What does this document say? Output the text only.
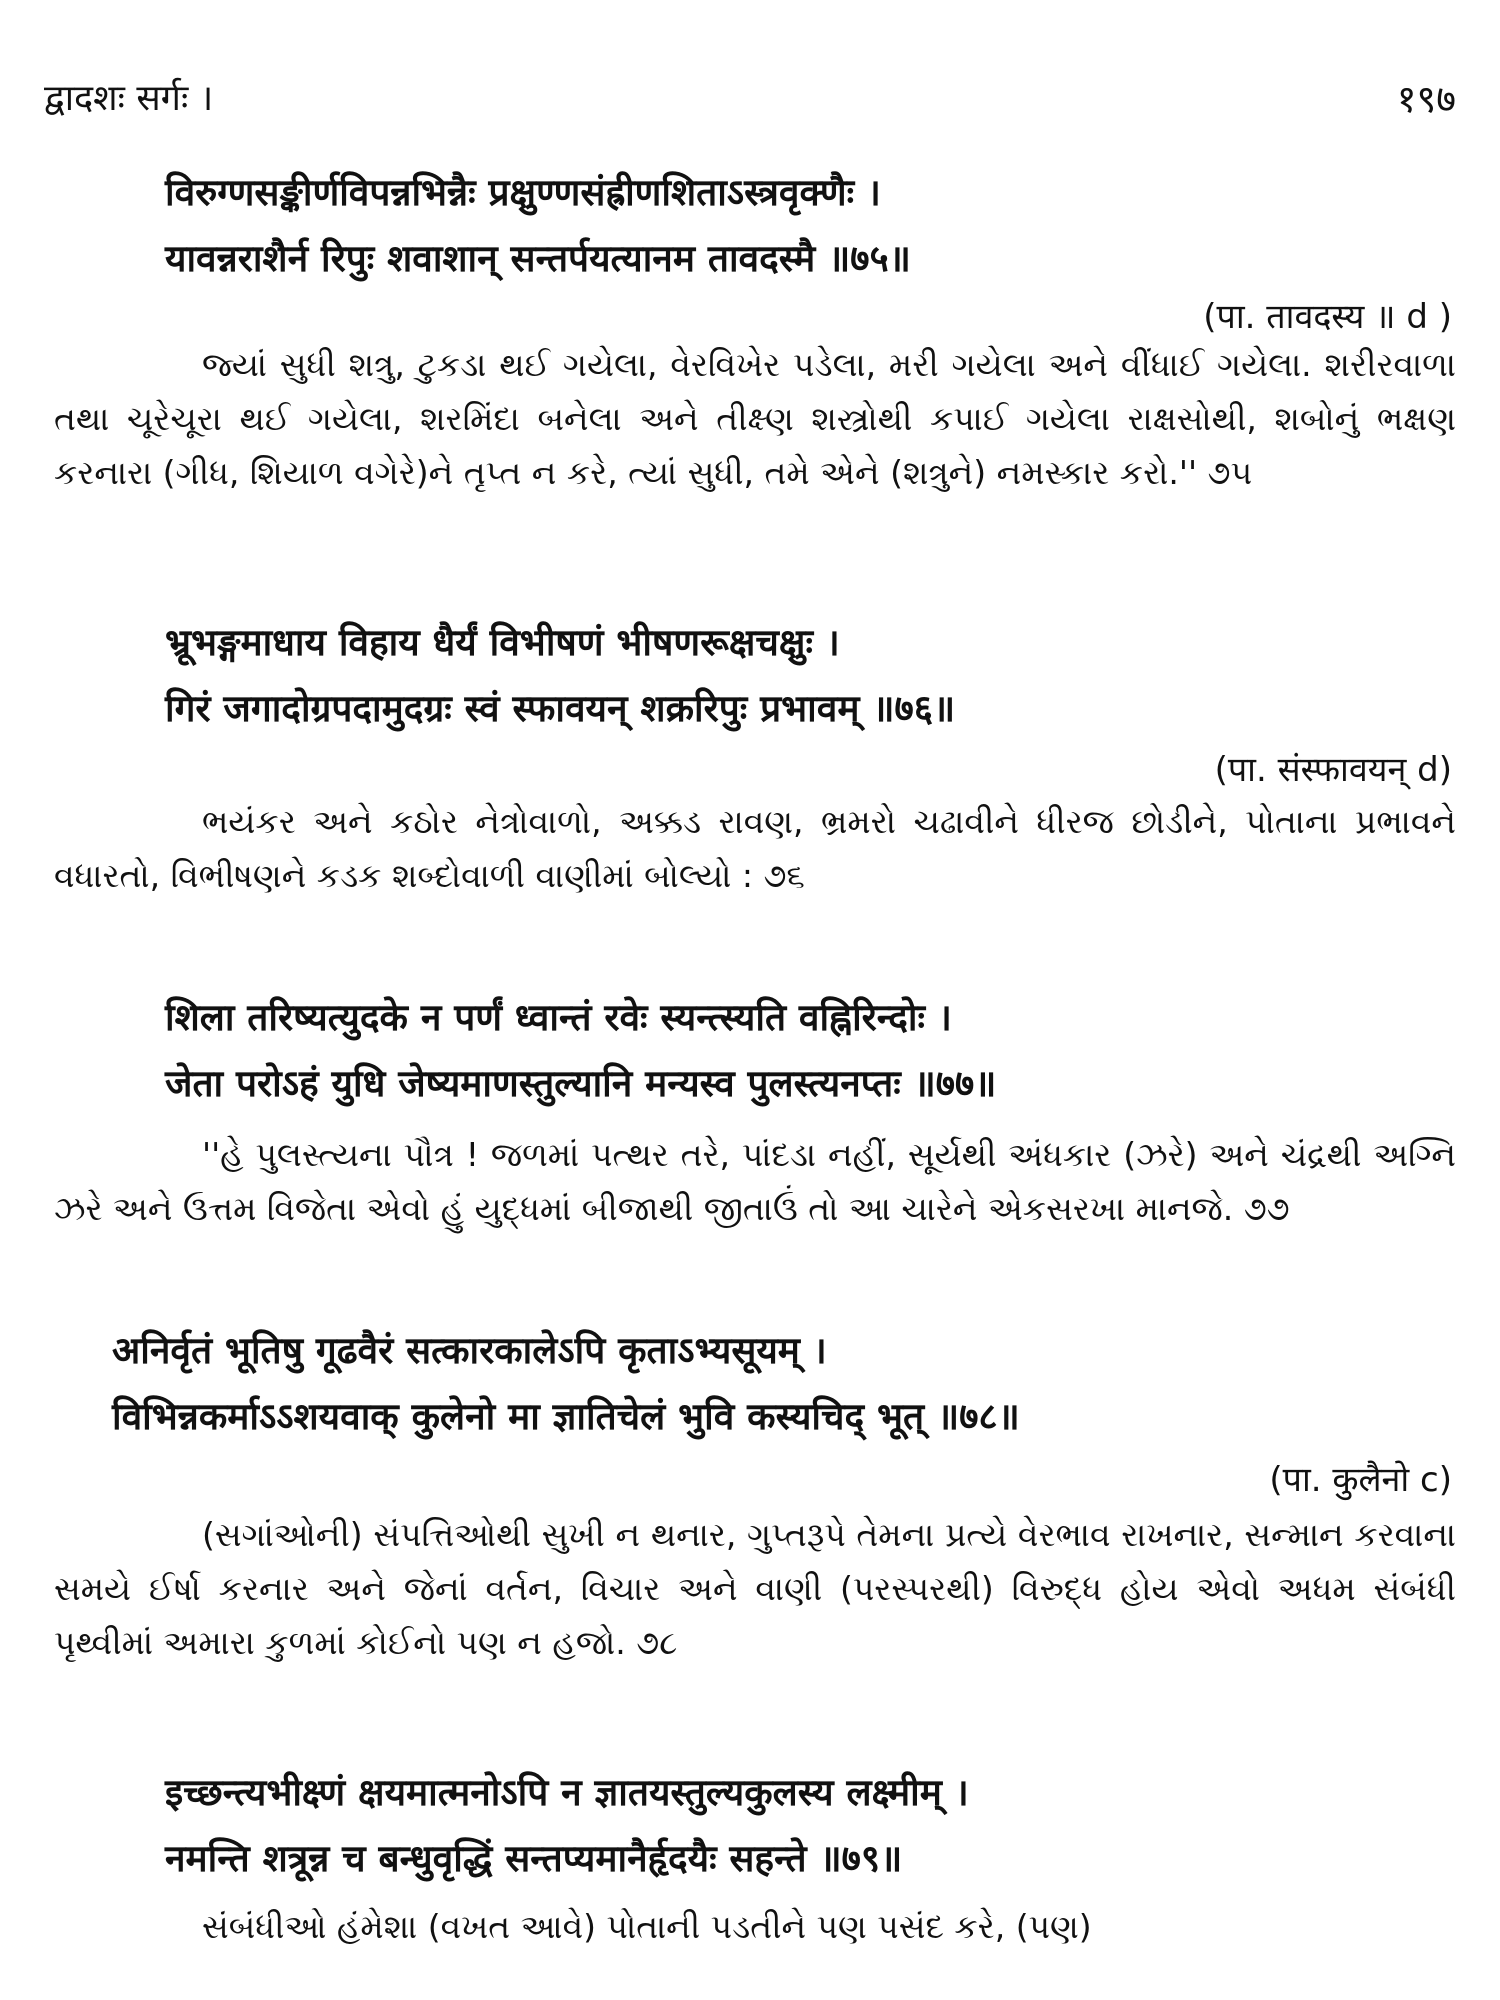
द्वादशः सर्गः ।	१९७
विरुग्णसङ्कीर्णविपन्नभिन्नैः प्रक्षुण्णसंह्रीणशिताऽस्त्रवृक्णैः ।
यावन्नराशैर्न रिपुः शवाशान् सन्तर्पयत्यानम तावदस्मै ॥७५॥
(पा. तावदस्य ॥ d )

જ્યાં સુધી શત્રુ, ટુકડા થઈ ગયેલા, વેરવિખેર પડેલા, મરી ગયેલા અને વીંધાઈ ગયેલા. શરીરવાળા તથા ચૂરેચૂરા થઈ ગયેલા, શરમિંદા બનેલા અને તીક્ષ્ણ શસ્ત્રોથી કપાઈ ગયેલા રાક્ષસોથી, શબોનું ભક્ષણ કરનારા (ગીધ, શિયાળ વગેરે)ને તૃપ્ત ન કરે, ત્યાં સુધી, તમે એને (શત્રુને) નમસ્કાર કરો.'' ૭૫

भ्रूभङ्गमाधाय विहाय धैर्यं विभीषणं भीषणरूक्षचक्षुः ।
गिरं जगादोग्रपदामुदग्रः स्वं स्फावयन् शक्ररिपुः प्रभावम् ॥७६॥
(पा. संस्फावयन् d)

ભયંકર અને કઠોર નેત્રોવાળો, અક્કડ રાવણ, ભ્રમરો ચઢાવીને ધીરજ છોડીને, પોતાના પ્રભાવને વધારતો, વિભીષણને કડક શબ્દોવાળી વાણીમાં બોલ્યો : ૭૬

शिला तरिष्यत्युदके न पर्णं ध्वान्तं रवेः स्यन्त्स्यति वह्निरिन्दोः ।
जेता परोऽहं युधि जेष्यमाणस्तुल्यानि मन्यस्व पुलस्त्यनप्तः ॥७७॥

''હે પુલસ્ત્યના પૌત્ર ! જળમાં પત્થર તરે, પાંદડા નહીં, સૂર્યથી અંધકાર (ઝરે) અને ચંદ્રથી અગ્નિ ઝરે અને ઉત્તમ વિજેતા એવો હું યુદ્ધમાં બીજાથી જીતાઉં તો આ ચારેને એકસરખા માનજે. ૭૭

अनिर्वृतं भूतिषु गूढवैरं सत्कारकालेऽपि कृताऽभ्यसूयम् ।
विभिन्नकर्माऽऽशयवाक् कुलेनो मा ज्ञातिचेलं भुवि कस्यचिद् भूत् ॥७८॥
(पा. कुलैनो c)

(સગાંઓની) સંપત્તિઓથી સુખી ન થનાર, ગુપ્તરૂપે તેમના પ્રત્યે વેરભાવ રાખનાર, સન્માન કરવાના સમયે ઈર્ષા કરનાર અને જેનાં વર્તન, વિચાર અને વાણી (પરસ્પરથી) વિરુદ્ધ હોય એવો અધમ સંબંધી પૃથ્વીમાં અમારા કુળમાં કોઈનો પણ ન હજો. ૭૮

इच्छन्त्यभीक्ष्णं क्षयमात्मनोऽपि न ज्ञातयस्तुल्यकुलस्य लक्ष्मीम् ।
नमन्ति शत्रून्न च बन्धुवृद्धिं सन्तप्यमानैर्हृदयैः सहन्ते ॥७९॥

સંબંધીઓ હંમેશા (વખત આવે) પોતાની પડતીને પણ પસંદ કરે, (પણ)
